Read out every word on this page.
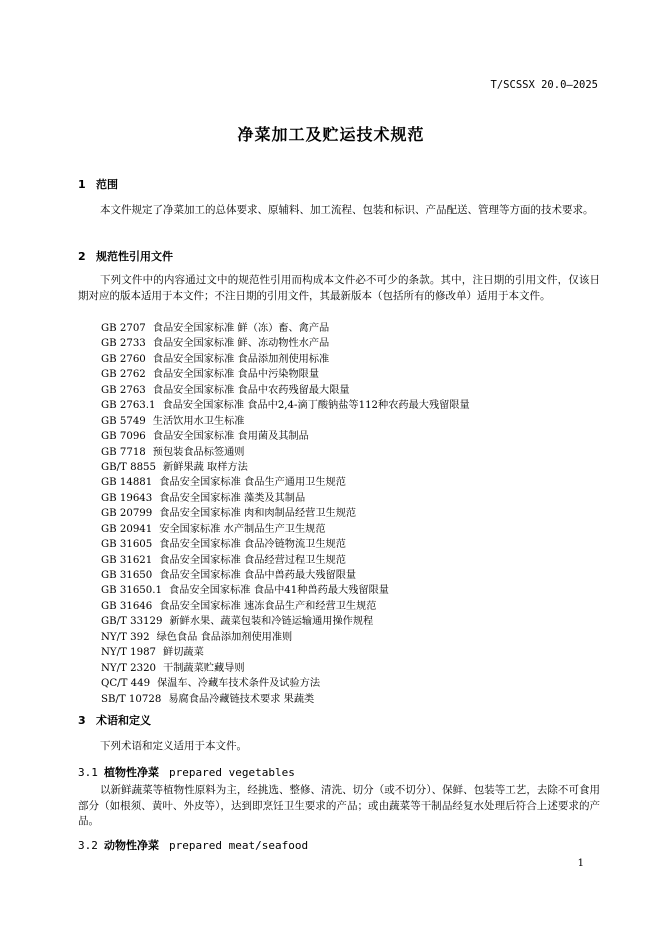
T/SCSSX 20.0—2025
净菜加工及贮运技术规范
1 范围
本文件规定了净菜加工的总体要求、原辅料、加工流程、包装和标识、产品配送、管理等方面的技术要求。
2 规范性引用文件
下列文件中的内容通过文中的规范性引用而构成本文件必不可少的条款。其中，注日期的引用文件，仅该日期对应的版本适用于本文件；不注日期的引用文件，其最新版本（包括所有的修改单）适用于本文件。
GB 2707 食品安全国家标准 鲜（冻）畜、禽产品
GB 2733 食品安全国家标准 鲜、冻动物性水产品
GB 2760 食品安全国家标准 食品添加剂使用标准
GB 2762 食品安全国家标准 食品中污染物限量
GB 2763 食品安全国家标准 食品中农药残留最大限量
GB 2763.1 食品安全国家标准 食品中2,4-滴丁酸钠盐等112种农药最大残留限量
GB 5749 生活饮用水卫生标准
GB 7096 食品安全国家标准 食用菌及其制品
GB 7718 预包装食品标签通则
GB/T 8855 新鲜果蔬 取样方法
GB 14881 食品安全国家标准 食品生产通用卫生规范
GB 19643 食品安全国家标准 藻类及其制品
GB 20799 食品安全国家标准 肉和肉制品经营卫生规范
GB 20941 安全国家标准 水产制品生产卫生规范
GB 31605 食品安全国家标准 食品冷链物流卫生规范
GB 31621 食品安全国家标准 食品经营过程卫生规范
GB 31650 食品安全国家标准 食品中兽药最大残留限量
GB 31650.1 食品安全国家标准 食品中41种兽药最大残留限量
GB 31646 食品安全国家标准 速冻食品生产和经营卫生规范
GB/T 33129 新鲜水果、蔬菜包装和冷链运输通用操作规程
NY/T 392 绿色食品 食品添加剂使用准则
NY/T 1987 鲜切蔬菜
NY/T 2320 干制蔬菜贮藏导则
QC/T 449 保温车、冷藏车技术条件及试验方法
SB/T 10728 易腐食品冷藏链技术要求 果蔬类
3 术语和定义
下列术语和定义适用于本文件。
3.1 植物性净菜 prepared vegetables
以新鲜蔬菜等植物性原料为主，经挑选、整修、清洗、切分（或不切分）、保鲜、包装等工艺，去除不可食用部分（如根须、黄叶、外皮等），达到即烹饪卫生要求的产品；或由蔬菜等干制品经复水处理后符合上述要求的产品。
3.2 动物性净菜 prepared meat/seafood
1
